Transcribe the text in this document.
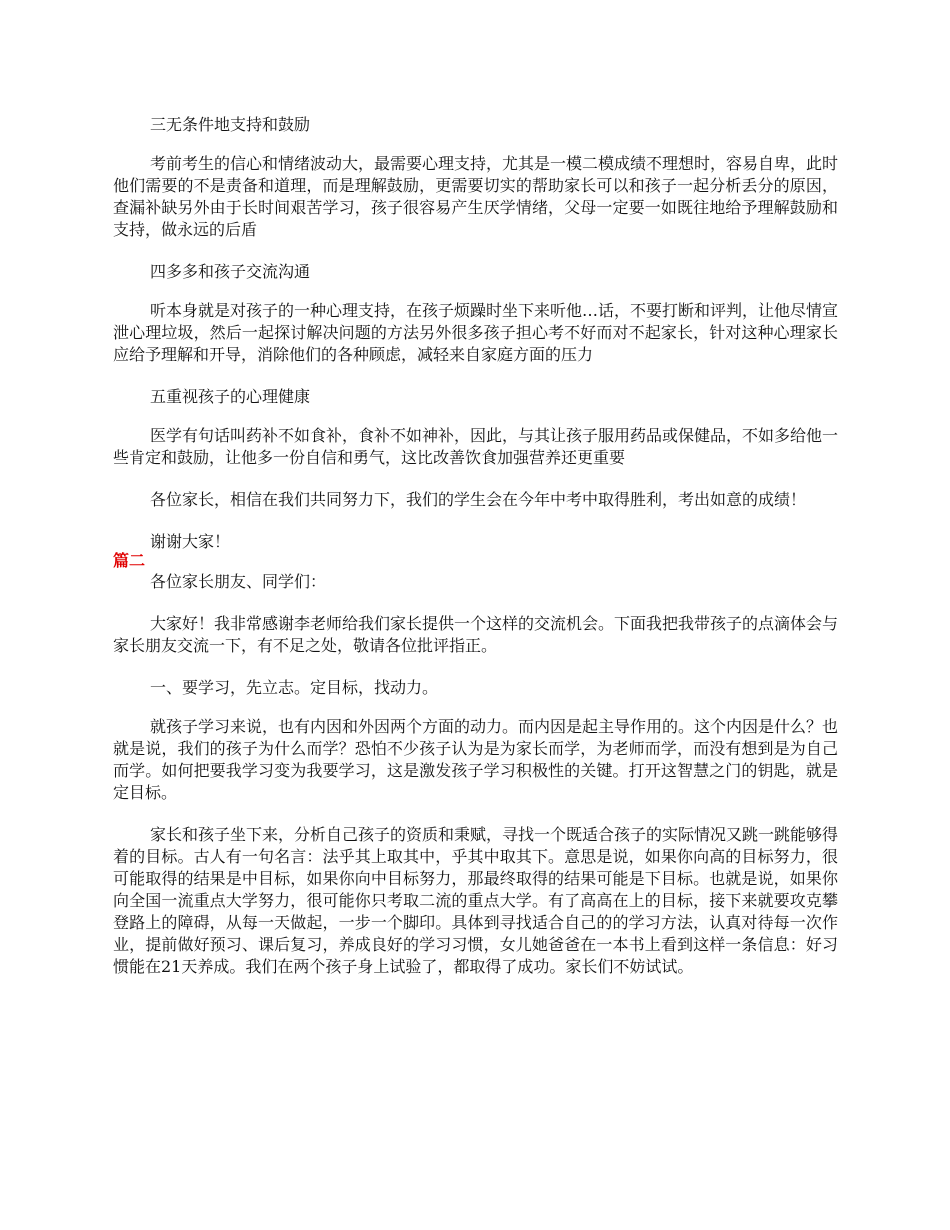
三无条件地支持和鼓励

考前考生的信心和情绪波动大，最需要心理支持，尤其是一模二模成绩不理想时，容易自卑，此时他们需要的不是责备和道理，而是理解鼓励，更需要切实的帮助家长可以和孩子一起分析丢分的原因，查漏补缺另外由于长时间艰苦学习，孩子很容易产生厌学情绪，父母一定要一如既往地给予理解鼓励和支持，做永远的后盾

四多多和孩子交流沟通

听本身就是对孩子的一种心理支持，在孩子烦躁时坐下来听他…话，不要打断和评判，让他尽情宣泄心理垃圾，然后一起探讨解决问题的方法另外很多孩子担心考不好而对不起家长，针对这种心理家长应给予理解和开导，消除他们的各种顾虑，减轻来自家庭方面的压力

五重视孩子的心理健康

医学有句话叫药补不如食补，食补不如神补，因此，与其让孩子服用药品或保健品，不如多给他一些肯定和鼓励，让他多一份自信和勇气，这比改善饮食加强营养还更重要

各位家长，相信在我们共同努力下，我们的学生会在今年中考中取得胜利，考出如意的成绩！

谢谢大家！

篇二

各位家长朋友、同学们：

大家好！我非常感谢李老师给我们家长提供一个这样的交流机会。下面我把我带孩子的点滴体会与家长朋友交流一下，有不足之处，敬请各位批评指正。

一、要学习，先立志。定目标，找动力。

就孩子学习来说，也有内因和外因两个方面的动力。而内因是起主导作用的。这个内因是什么？也就是说，我们的孩子为什么而学？恐怕不少孩子认为是为家长而学，为老师而学，而没有想到是为自己而学。如何把要我学习变为我要学习，这是激发孩子学习积极性的关键。打开这智慧之门的钥匙，就是定目标。

家长和孩子坐下来，分析自己孩子的资质和秉赋，寻找一个既适合孩子的实际情况又跳一跳能够得着的目标。古人有一句名言：法乎其上取其中，乎其中取其下。意思是说，如果你向高的目标努力，很可能取得的结果是中目标，如果你向中目标努力，那最终取得的结果可能是下目标。也就是说，如果你向全国一流重点大学努力，很可能你只考取二流的重点大学。有了高高在上的目标，接下来就要攻克攀登路上的障碍，从每一天做起，一步一个脚印。具体到寻找适合自己的的学习方法，认真对待每一次作业，提前做好预习、课后复习，养成良好的学习习惯，女儿她爸爸在一本书上看到这样一条信息：好习惯能在21天养成。我们在两个孩子身上试验了，都取得了成功。家长们不妨试试。
